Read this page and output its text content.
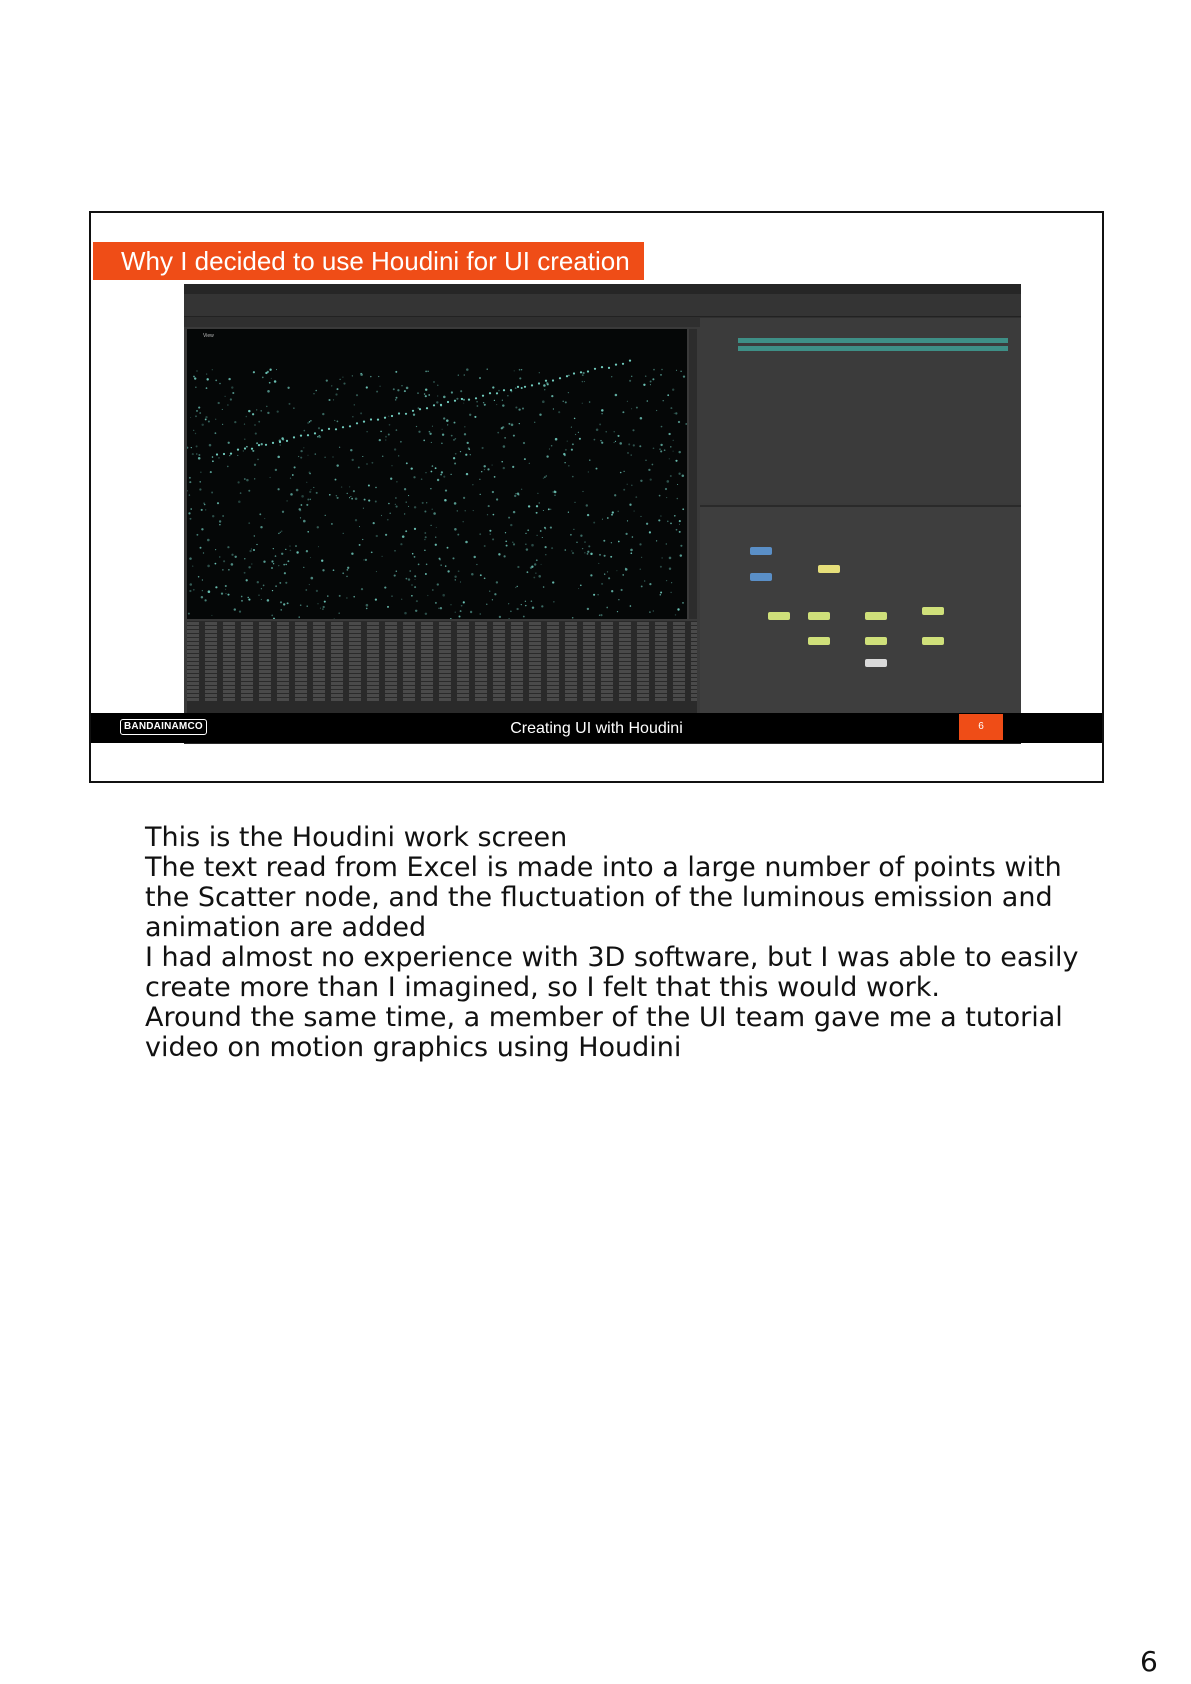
Why I decided to use Houdini for UI creation
View
BANDAINAMCO	Creating UI with Houdini	6

This is the Houdini work screen

The text read from Excel is made into a large number of points with the Scatter node, and the fluctuation of the luminous emission and animation are added

I had almost no experience with 3D software, but I was able to easily create more than I imagined, so I felt that this would work.

Around the same time, a member of the UI team gave me a tutorial video on motion graphics using Houdini

6
